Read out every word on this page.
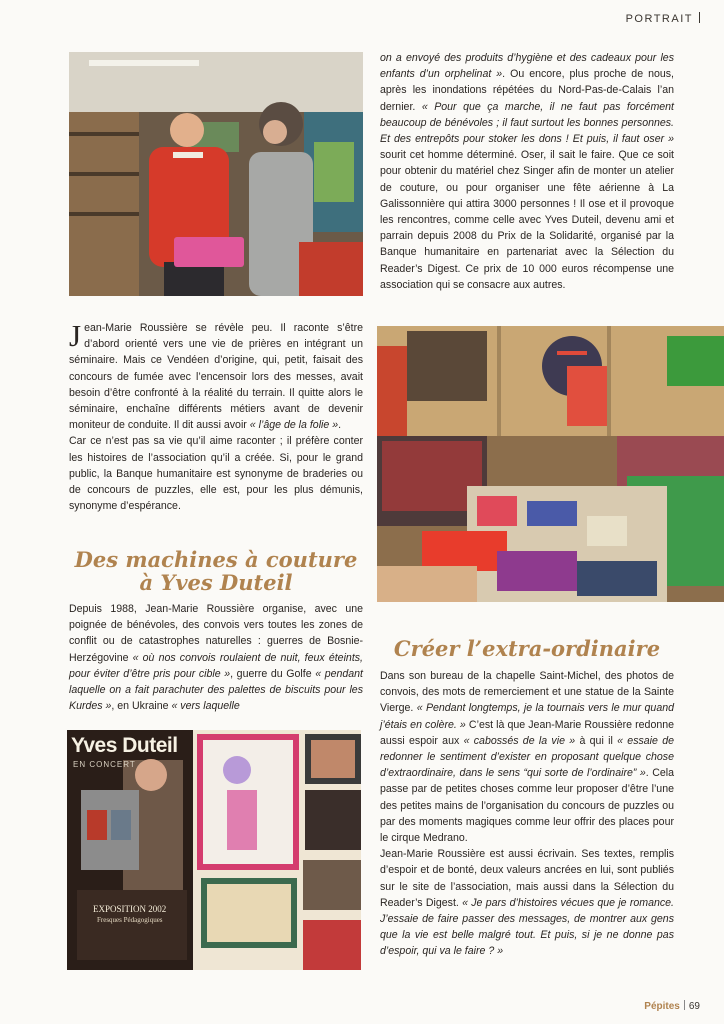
PORTRAIT

on a envoyé des produits d’hygiène et des cadeaux pour les enfants d’un orphelinat ». Ou encore, plus proche de nous, après les inondations répétées du Nord-Pas-de-Calais l’an dernier. « Pour que ça marche, il ne faut pas forcément beaucoup de bénévoles ; il faut surtout les bonnes personnes. Et des entrepôts pour stoker les dons ! Et puis, il faut oser » sourit cet homme déterminé. Oser, il sait le faire. Que ce soit pour obtenir du matériel chez Singer afin de monter un atelier de couture, ou pour organiser une fête aérienne à La Galissonnière qui attira 3000 personnes ! Il ose et il provoque les rencontres, comme celle avec Yves Duteil, devenu ami et parrain depuis 2008 du Prix de la Solidarité, organisé par la Banque humanitaire en partenariat avec la Sélection du Reader’s Digest. Ce prix de 10 000 euros récompense une association qui se consacre aux autres.

Jean-Marie Roussière se révèle peu. Il raconte s’être d’abord orienté vers une vie de prières en intégrant un séminaire. Mais ce Vendéen d’origine, qui, petit, faisait des concours de fumée avec l’encensoir lors des messes, avait besoin d’être confronté à la réalité du terrain. Il quitte alors le séminaire, enchaîne différents métiers avant de devenir moniteur de conduite. Il dit aussi avoir « l’âge de la folie ».

Car ce n’est pas sa vie qu’il aime raconter ; il préfère conter les histoires de l’association qu’il a créée. Si, pour le grand public, la Banque humanitaire est synonyme de braderies ou de concours de puzzles, elle est, pour les plus démunis, synonyme d’espérance.

Des machines à couture
à Yves Duteil

Depuis 1988, Jean-Marie Roussière organise, avec une poignée de bénévoles, des convois vers toutes les zones de conflit ou de catastrophes naturelles : guerres de Bosnie-Herzégovine « où nos convois roulaient de nuit, feux éteints, pour éviter d’être pris pour cible », guerre du Golfe « pendant laquelle on a fait parachuter des palettes de biscuits pour les Kurdes », en Ukraine « vers laquelle

Créer l’extra-ordinaire

Dans son bureau de la chapelle Saint-Michel, des photos de convois, des mots de remerciement et une statue de la Sainte Vierge. « Pendant longtemps, je la tournais vers le mur quand j’étais en colère. » C’est là que Jean-Marie Roussière redonne aussi espoir aux « cabossés de la vie » à qui il « essaie de redonner le sentiment d’exister en proposant quelque chose d’extraordinaire, dans le sens “qui sorte de l’ordinaire” ». Cela passe par de petites choses comme leur proposer d’être l’une des petites mains de l’organisation du concours de puzzles ou par des moments magiques comme leur offrir des places pour le cirque Medrano.

Jean-Marie Roussière est aussi écrivain. Ses textes, remplis d’espoir et de bonté, deux valeurs ancrées en lui, sont publiés sur le site de l’association, mais aussi dans la Sélection du Reader’s Digest. « Je pars d’histoires vécues que je romance. J’essaie de faire passer des messages, de montrer aux gens que la vie est belle malgré tout. Et puis, si je ne donne pas d’espoir, qui va le faire ? »

Yves Duteil
EN CONCERT
EXPOSITION 2002
Fresques Pédagogiques
Pépites 69
